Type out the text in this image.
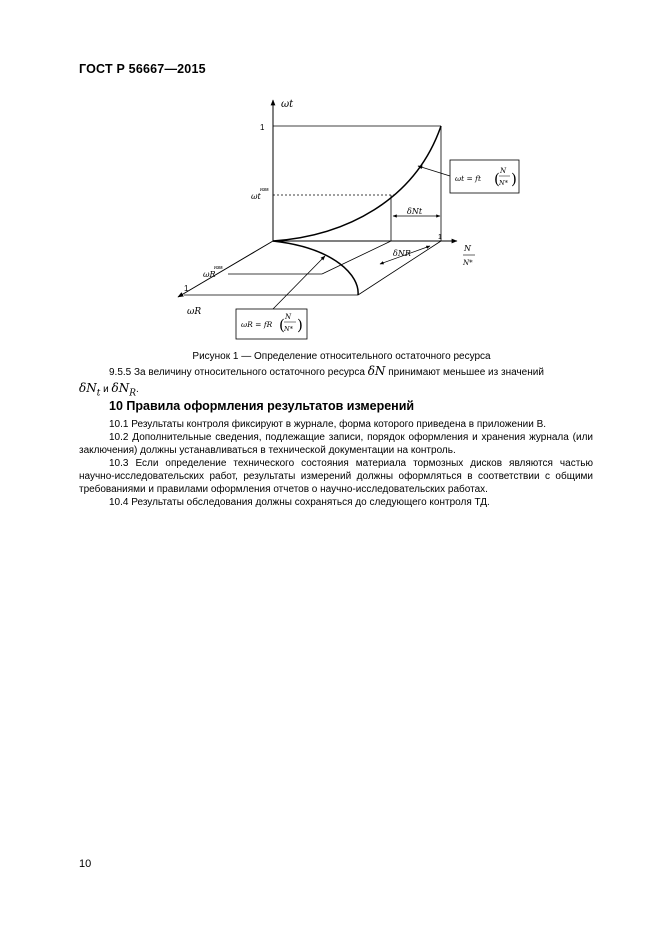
ГОСТ Р 56667—2015
ωt
1
ωt
изм
1
N
N*
ωR
1
ωR
изм
δNt
δNR
ωt = ft ( N
N* )
ωR = fR ( N
N* )
Рисунок 1 — Определение относительного остаточного ресурса

9.5.5 За величину относительного остаточного ресурса δN принимают меньшее из значений

$\delta N_t$ и $\delta N_R$.

10 Правила оформления результатов измерений

10.1 Результаты контроля фиксируют в журнале, форма которого приведена в приложении В.

10.2 Дополнительные сведения, подлежащие записи, порядок оформления и хранения журнала (или заключения) должны устанавливаться в технической документации на контроль.

10.3 Если определение технического состояния материала тормозных дисков являются частью научно-исследовательских работ, результаты измерений должны оформляться в соответствии с общими требованиями и правилами оформления отчетов о научно-исследовательских работах.

10.4 Результаты обследования должны сохраняться до следующего контроля ТД.

10
